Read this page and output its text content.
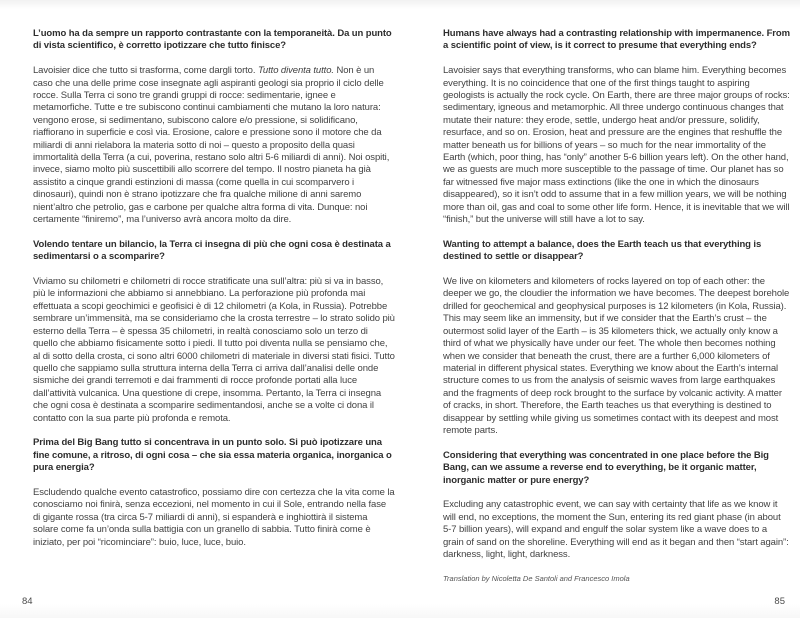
L’uomo ha da sempre un rapporto contrastante con la temporaneità. Da un punto di vista scientifico, è corretto ipotizzare che tutto finisce?

Lavoisier dice che tutto si trasforma, come dargli torto. Tutto diventa tutto. Non è un caso che una delle prime cose insegnate agli aspiranti geologi sia proprio il ciclo delle rocce. Sulla Terra ci sono tre grandi gruppi di rocce: sedimentarie, ignee e metamorfiche. Tutte e tre subiscono continui cambiamenti che mutano la loro natura: vengono erose, si sedimentano, subiscono calore e/o pressione, si solidificano, riaffiorano in superficie e così via. Erosione, calore e pressione sono il motore che da miliardi di anni rielabora la materia sotto di noi – questo a proposito della quasi immortalità della Terra (a cui, poverina, restano solo altri 5-6 miliardi di anni). Noi ospiti, invece, siamo molto più suscettibili allo scorrere del tempo. Il nostro pianeta ha già assistito a cinque grandi estinzioni di massa (come quella in cui scomparvero i dinosauri), quindi non è strano ipotizzare che fra qualche milione di anni saremo nient’altro che petrolio, gas e carbone per qualche altra forma di vita. Dunque: noi certamente “finiremo”, ma l’universo avrà ancora molto da dire.

Volendo tentare un bilancio, la Terra ci insegna di più che ogni cosa è destinata a sedimentarsi o a scomparire?

Viviamo su chilometri e chilometri di rocce stratificate una sull’altra: più si va in basso, più le informazioni che abbiamo si annebbiano. La perforazione più profonda mai effettuata a scopi geochimici e geofisici è di 12 chilometri (a Kola, in Russia). Potrebbe sembrare un’immensità, ma se consideriamo che la crosta terrestre – lo strato solido più esterno della Terra – è spessa 35 chilometri, in realtà conosciamo solo un terzo di quello che abbiamo fisicamente sotto i piedi. Il tutto poi diventa nulla se pensiamo che, al di sotto della crosta, ci sono altri 6000 chilometri di materiale in diversi stati fisici. Tutto quello che sappiamo sulla struttura interna della Terra ci arriva dall’analisi delle onde sismiche dei grandi terremoti e dai frammenti di rocce profonde portati alla luce dall’attività vulcanica. Una questione di crepe, insomma. Pertanto, la Terra ci insegna che ogni cosa è destinata a scomparire sedimentandosi, anche se a volte ci dona il contatto con la sua parte più profonda e remota.

Prima del Big Bang tutto si concentrava in un punto solo. Si può ipotizzare una fine comune, a ritroso, di ogni cosa – che sia essa materia organica, inorganica o pura energia?

Escludendo qualche evento catastrofico, possiamo dire con certezza che la vita come la conosciamo noi finirà, senza eccezioni, nel momento in cui il Sole, entrando nella fase di gigante rossa (tra circa 5-7 miliardi di anni), si espanderà e inghiottirà il sistema solare come fa un’onda sulla battigia con un granello di sabbia. Tutto finirà come è iniziato, per poi “ricominciare”: buio, luce, luce, buio.

84

Humans have always had a contrasting relationship with impermanence. From a scientific point of view, is it correct to presume that everything ends?

Lavoisier says that everything transforms, who can blame him. Everything becomes everything. It is no coincidence that one of the first things taught to aspiring geologists is actually the rock cycle. On Earth, there are three major groups of rocks: sedimentary, igneous and metamorphic. All three undergo continuous changes that mutate their nature: they erode, settle, undergo heat and/or pressure, solidify, resurface, and so on. Erosion, heat and pressure are the engines that reshuffle the matter beneath us for billions of years – so much for the near immortality of the Earth (which, poor thing, has “only” another 5-6 billion years left). On the other hand, we as guests are much more susceptible to the passage of time. Our planet has so far witnessed five major mass extinctions (like the one in which the dinosaurs disappeared), so it isn’t odd to assume that in a few million years, we will be nothing more than oil, gas and coal to some other life form. Hence, it is inevitable that we will “finish,” but the universe will still have a lot to say.

Wanting to attempt a balance, does the Earth teach us that everything is destined to settle or disappear?

We live on kilometers and kilometers of rocks layered on top of each other: the deeper we go, the cloudier the information we have becomes. The deepest borehole drilled for geochemical and geophysical purposes is 12 kilometers (in Kola, Russia). This may seem like an immensity, but if we consider that the Earth’s crust – the outermost solid layer of the Earth – is 35 kilometers thick, we actually only know a third of what we physically have under our feet. The whole then becomes nothing when we consider that beneath the crust, there are a further 6,000 kilometers of material in different physical states. Everything we know about the Earth’s internal structure comes to us from the analysis of seismic waves from large earthquakes and the fragments of deep rock brought to the surface by volcanic activity. A matter of cracks, in short. Therefore, the Earth teaches us that everything is destined to disappear by settling while giving us sometimes contact with its deepest and most remote parts.

Considering that everything was concentrated in one place before the Big Bang, can we assume a reverse end to everything, be it organic matter, inorganic matter or pure energy?

Excluding any catastrophic event, we can say with certainty that life as we know it will end, no exceptions, the moment the Sun, entering its red giant phase (in about 5-7 billion years), will expand and engulf the solar system like a wave does to a grain of sand on the shoreline. Everything will end as it began and then “start again”: darkness, light, light, darkness.

Translation by Nicoletta De Santoli and Francesco Imola
85
